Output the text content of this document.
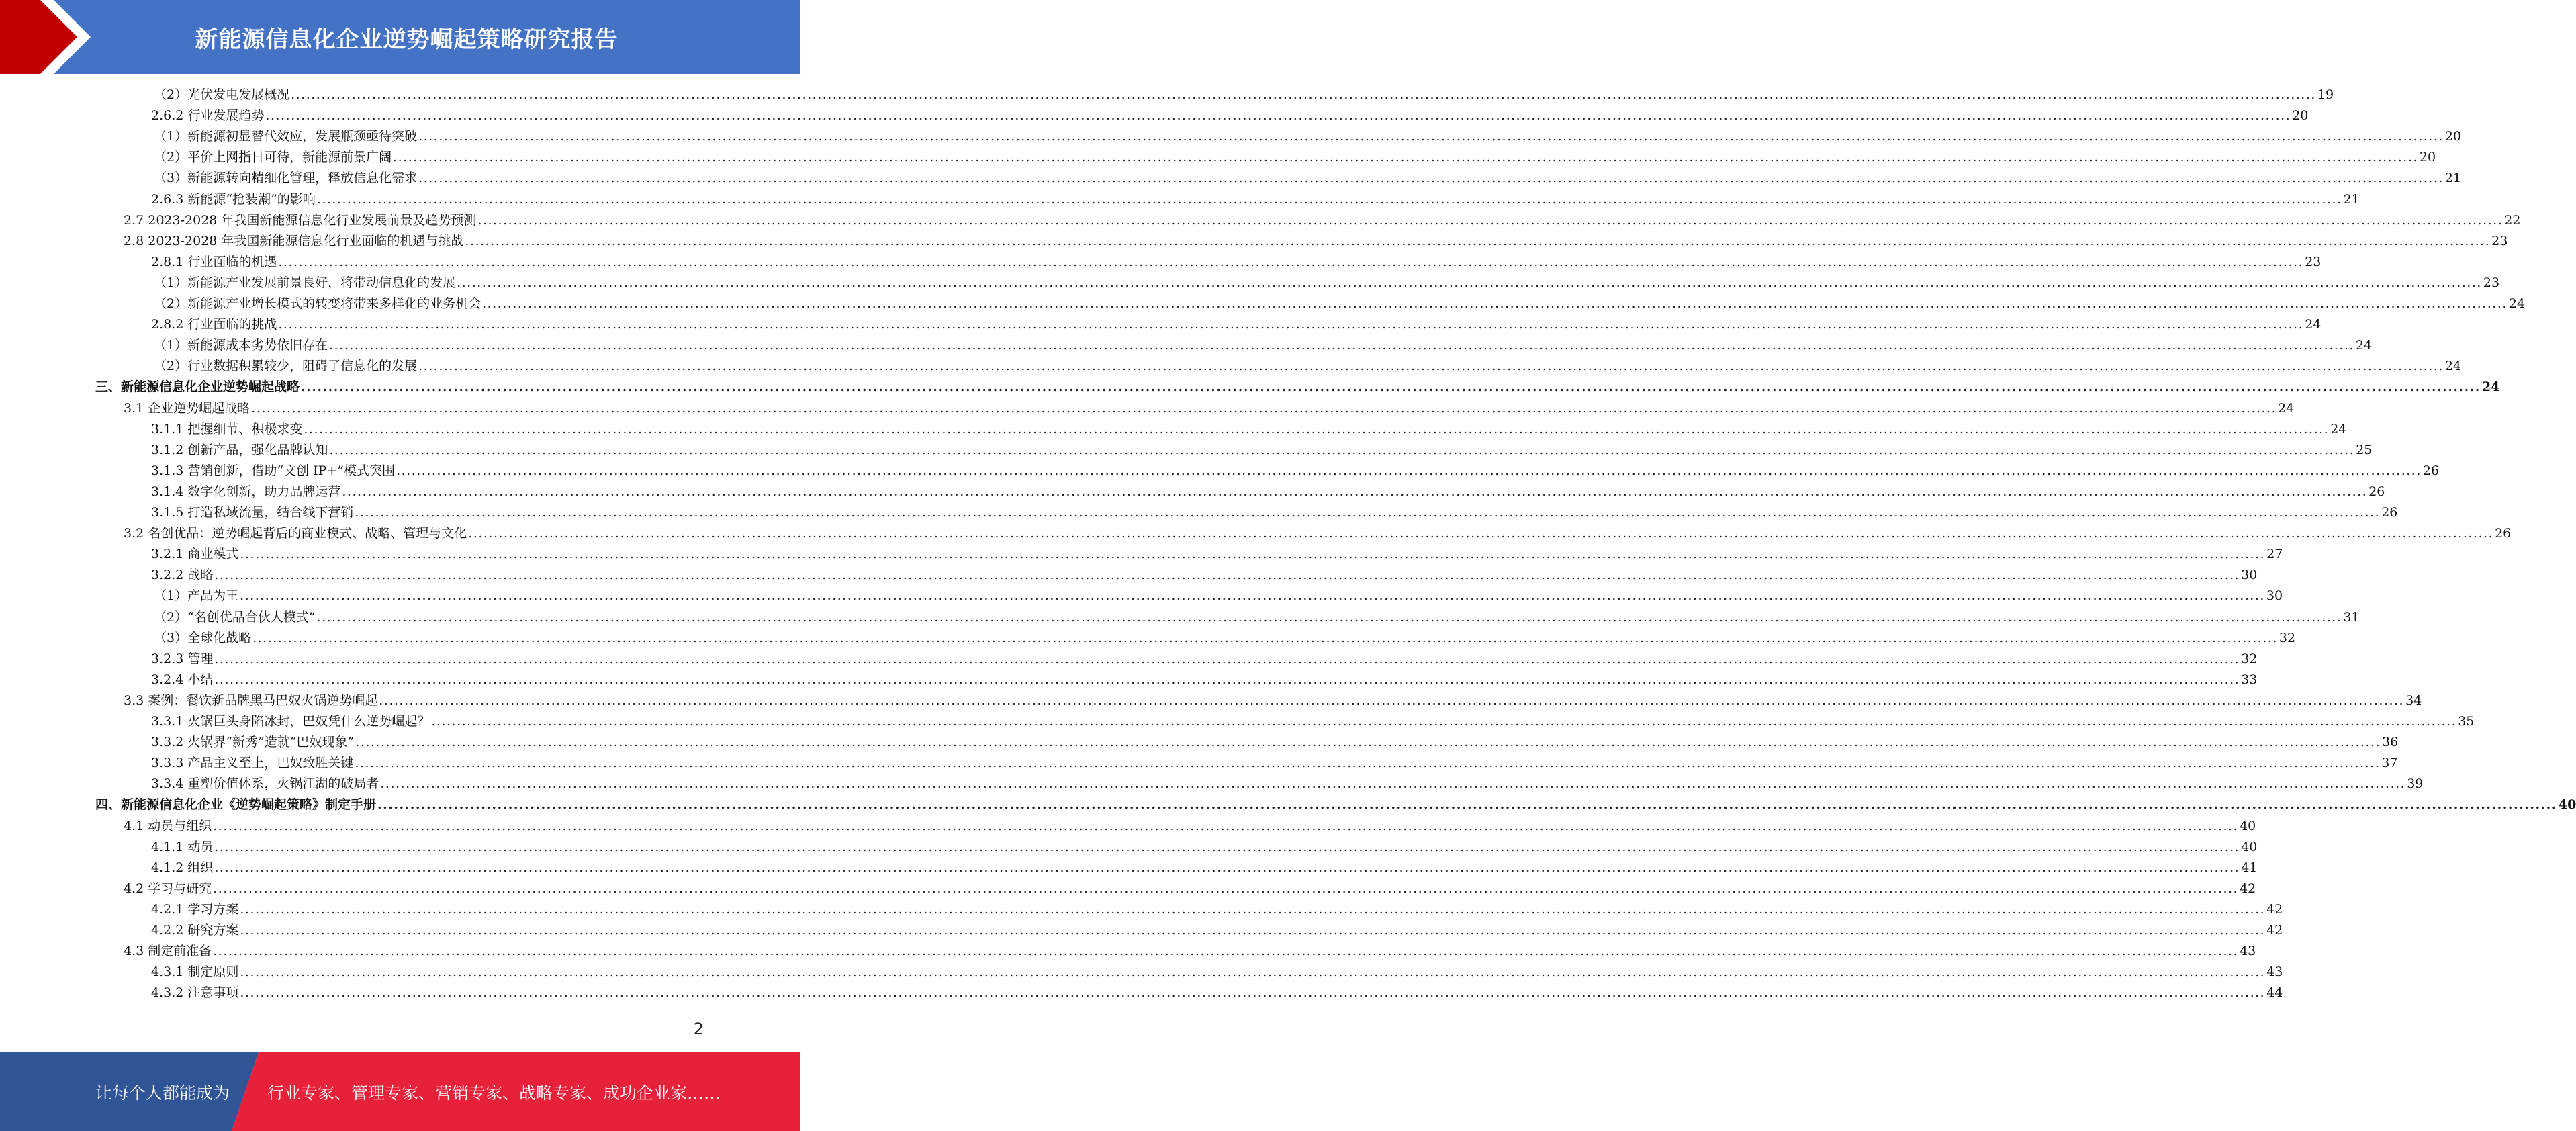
新能源信息化企业逆势崛起策略研究报告
（2）光伏发电发展概况 ................................................................................................................................................................................................................................................................................................................................................................................................................ 19
2.6.2 行业发展趋势 ................................................................................................................................................................................................................................................................................................................................................................................................................ 20
（1）新能源初显替代效应，发展瓶颈亟待突破 ................................................................................................................................................................................................................................................................................................................................................................................................................ 20
（2）平价上网指日可待，新能源前景广阔 ................................................................................................................................................................................................................................................................................................................................................................................................................ 20
（3）新能源转向精细化管理，释放信息化需求 ................................................................................................................................................................................................................................................................................................................................................................................................................ 21
2.6.3 新能源“抢装潮”的影响 ................................................................................................................................................................................................................................................................................................................................................................................................................ 21
2.7 2023-2028 年我国新能源信息化行业发展前景及趋势预测 ................................................................................................................................................................................................................................................................................................................................................................................................................ 22
2.8 2023-2028 年我国新能源信息化行业面临的机遇与挑战 ................................................................................................................................................................................................................................................................................................................................................................................................................ 23
2.8.1 行业面临的机遇 ................................................................................................................................................................................................................................................................................................................................................................................................................ 23
（1）新能源产业发展前景良好，将带动信息化的发展 ................................................................................................................................................................................................................................................................................................................................................................................................................ 23
（2）新能源产业增长模式的转变将带来多样化的业务机会 ................................................................................................................................................................................................................................................................................................................................................................................................................ 24
2.8.2 行业面临的挑战 ................................................................................................................................................................................................................................................................................................................................................................................................................ 24
（1）新能源成本劣势依旧存在 ................................................................................................................................................................................................................................................................................................................................................................................................................ 24
（2）行业数据积累较少，阻碍了信息化的发展 ................................................................................................................................................................................................................................................................................................................................................................................................................ 24
三、新能源信息化企业逆势崛起战略 ................................................................................................................................................................................................................................................................................................................................................................................................................ 24
3.1 企业逆势崛起战略 ................................................................................................................................................................................................................................................................................................................................................................................................................ 24
3.1.1 把握细节、积极求变 ................................................................................................................................................................................................................................................................................................................................................................................................................ 24
3.1.2 创新产品，强化品牌认知 ................................................................................................................................................................................................................................................................................................................................................................................................................ 25
3.1.3 营销创新，借助“文创 IP+”模式突围 ................................................................................................................................................................................................................................................................................................................................................................................................................ 26
3.1.4 数字化创新，助力品牌运营 ................................................................................................................................................................................................................................................................................................................................................................................................................ 26
3.1.5 打造私域流量，结合线下营销 ................................................................................................................................................................................................................................................................................................................................................................................................................ 26
3.2 名创优品：逆势崛起背后的商业模式、战略、管理与文化 ................................................................................................................................................................................................................................................................................................................................................................................................................ 26
3.2.1 商业模式 ................................................................................................................................................................................................................................................................................................................................................................................................................ 27
3.2.2 战略 ................................................................................................................................................................................................................................................................................................................................................................................................................ 30
（1）产品为王 ................................................................................................................................................................................................................................................................................................................................................................................................................ 30
（2）“名创优品合伙人模式” ................................................................................................................................................................................................................................................................................................................................................................................................................ 31
（3）全球化战略 ................................................................................................................................................................................................................................................................................................................................................................................................................ 32
3.2.3 管理 ................................................................................................................................................................................................................................................................................................................................................................................................................ 32
3.2.4 小结 ................................................................................................................................................................................................................................................................................................................................................................................................................ 33
3.3 案例：餐饮新品牌黑马巴奴火锅逆势崛起 ................................................................................................................................................................................................................................................................................................................................................................................................................ 34
3.3.1 火锅巨头身陷冰封，巴奴凭什么逆势崛起？ ................................................................................................................................................................................................................................................................................................................................................................................................................ 35
3.3.2 火锅界“新秀”造就“巴奴现象” ................................................................................................................................................................................................................................................................................................................................................................................................................ 36
3.3.3 产品主义至上，巴奴致胜关键 ................................................................................................................................................................................................................................................................................................................................................................................................................ 37
3.3.4 重塑价值体系，火锅江湖的破局者 ................................................................................................................................................................................................................................................................................................................................................................................................................ 39
四、新能源信息化企业《逆势崛起策略》制定手册 ................................................................................................................................................................................................................................................................................................................................................................................................................ 40
4.1 动员与组织 ................................................................................................................................................................................................................................................................................................................................................................................................................ 40
4.1.1 动员 ................................................................................................................................................................................................................................................................................................................................................................................................................ 40
4.1.2 组织 ................................................................................................................................................................................................................................................................................................................................................................................................................ 41
4.2 学习与研究 ................................................................................................................................................................................................................................................................................................................................................................................................................ 42
4.2.1 学习方案 ................................................................................................................................................................................................................................................................................................................................................................................................................ 42
4.2.2 研究方案 ................................................................................................................................................................................................................................................................................................................................................................................................................ 42
4.3 制定前准备 ................................................................................................................................................................................................................................................................................................................................................................................................................ 43
4.3.1 制定原则 ................................................................................................................................................................................................................................................................................................................................................................................................................ 43
4.3.2 注意事项 ................................................................................................................................................................................................................................................................................................................................................................................................................ 44
2
让每个人都能成为 行业专家、管理专家、营销专家、战略专家、成功企业家……
